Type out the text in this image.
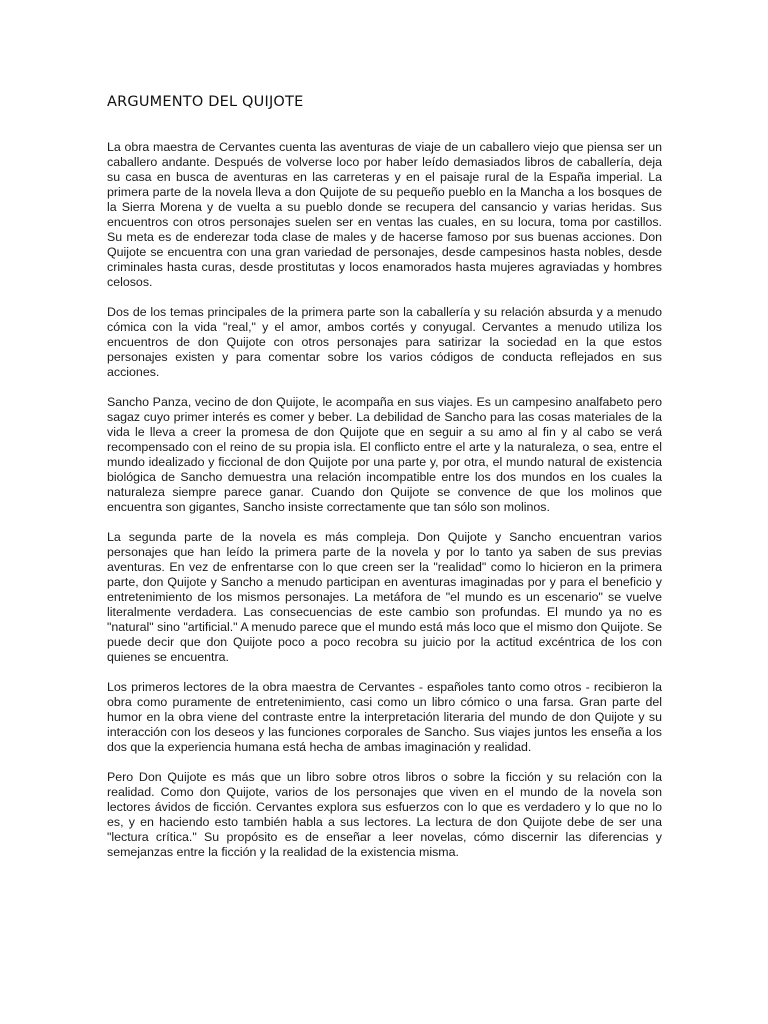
ARGUMENTO DEL QUIJOTE

La obra maestra de Cervantes cuenta las aventuras de viaje de un caballero viejo que piensa ser un caballero andante. Después de volverse loco por haber leído demasiados libros de caballería, deja su casa en busca de aventuras en las carreteras y en el paisaje rural de la España imperial. La primera parte de la novela lleva a don Quijote de su pequeño pueblo en la Mancha a los bosques de la Sierra Morena y de vuelta a su pueblo donde se recupera del cansancio y varias heridas. Sus encuentros con otros personajes suelen ser en ventas las cuales, en su locura, toma por castillos. Su meta es de enderezar toda clase de males y de hacerse famoso por sus buenas acciones. Don Quijote se encuentra con una gran variedad de personajes, desde campesinos hasta nobles, desde criminales hasta curas, desde prostitutas y locos enamorados hasta mujeres agraviadas y hombres celosos.

Dos de los temas principales de la primera parte son la caballería y su relación absurda y a menudo cómica con la vida "real," y el amor, ambos cortés y conyugal. Cervantes a menudo utiliza los encuentros de don Quijote con otros personajes para satirizar la sociedad en la que estos personajes existen y para comentar sobre los varios códigos de conducta reflejados en sus acciones.

Sancho Panza, vecino de don Quijote, le acompaña en sus viajes. Es un campesino analfabeto pero sagaz cuyo primer interés es comer y beber. La debilidad de Sancho para las cosas materiales de la vida le lleva a creer la promesa de don Quijote que en seguir a su amo al fin y al cabo se verá recompensado con el reino de su propia isla. El conflicto entre el arte y la naturaleza, o sea, entre el mundo idealizado y ficcional de don Quijote por una parte y, por otra, el mundo natural de existencia biológica de Sancho demuestra una relación incompatible entre los dos mundos en los cuales la naturaleza siempre parece ganar. Cuando don Quijote se convence de que los molinos que encuentra son gigantes, Sancho insiste correctamente que tan sólo son molinos.

La segunda parte de la novela es más compleja. Don Quijote y Sancho encuentran varios personajes que han leído la primera parte de la novela y por lo tanto ya saben de sus previas aventuras. En vez de enfrentarse con lo que creen ser la "realidad" como lo hicieron en la primera parte, don Quijote y Sancho a menudo participan en aventuras imaginadas por y para el beneficio y entretenimiento de los mismos personajes. La metáfora de "el mundo es un escenario" se vuelve literalmente verdadera. Las consecuencias de este cambio son profundas. El mundo ya no es "natural" sino "artificial." A menudo parece que el mundo está más loco que el mismo don Quijote. Se puede decir que don Quijote poco a poco recobra su juicio por la actitud excéntrica de los con quienes se encuentra.

Los primeros lectores de la obra maestra de Cervantes - españoles tanto como otros - recibieron la obra como puramente de entretenimiento, casi como un libro cómico o una farsa. Gran parte del humor en la obra viene del contraste entre la interpretación literaria del mundo de don Quijote y su interacción con los deseos y las funciones corporales de Sancho. Sus viajes juntos les enseña a los dos que la experiencia humana está hecha de ambas imaginación y realidad.

Pero Don Quijote es más que un libro sobre otros libros o sobre la ficción y su relación con la realidad. Como don Quijote, varios de los personajes que viven en el mundo de la novela son lectores ávidos de ficción. Cervantes explora sus esfuerzos con lo que es verdadero y lo que no lo es, y en haciendo esto también habla a sus lectores. La lectura de don Quijote debe de ser una "lectura crítica." Su propósito es de enseñar a leer novelas, cómo discernir las diferencias y semejanzas entre la ficción y la realidad de la existencia misma.
